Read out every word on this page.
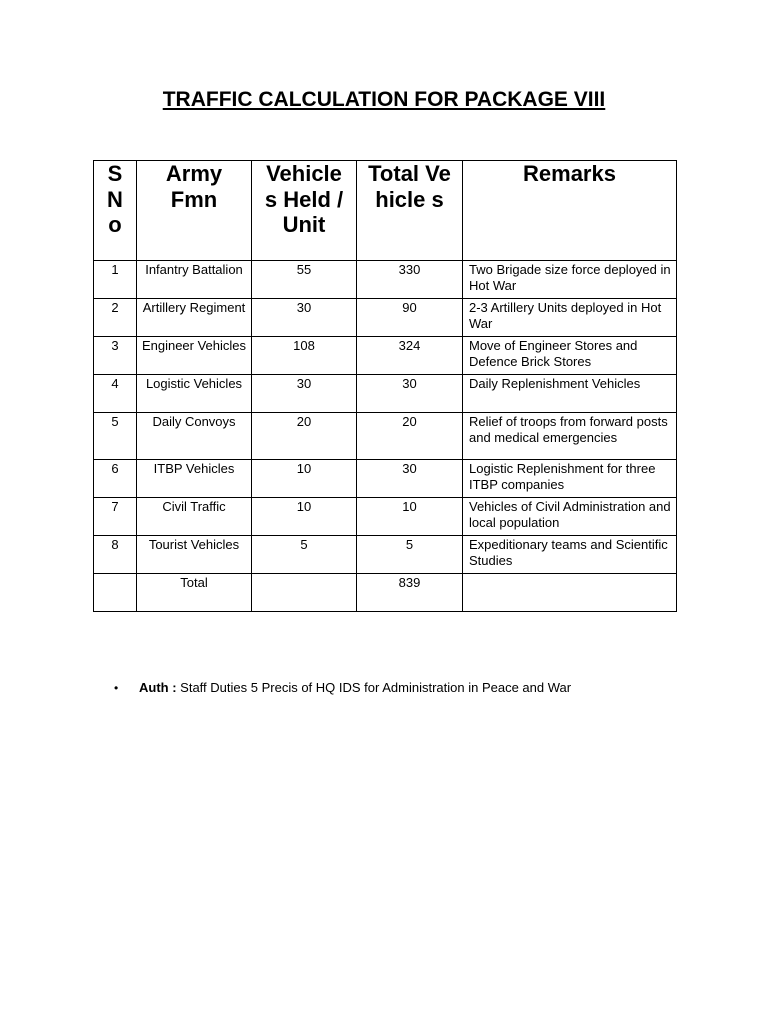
TRAFFIC CALCULATION FOR PACKAGE VIII
S N o	Army Fmn	Vehicle s Held /Unit	Total Vehicle s	Remarks

1	Infantry Battalion	55	330	Two Brigade size force deployed in Hot War
2	Artillery Regiment	30	90	2-3 Artillery Units deployed in Hot War
3	Engineer Vehicles	108	324	Move of Engineer Stores and Defence Brick Stores
4	Logistic Vehicles	30	30	Daily Replenishment Vehicles
5	Daily Convoys	20	20	Relief of troops from forward posts and medical emergencies
6	ITBP Vehicles	10	30	Logistic Replenishment for three ITBP companies
7	Civil Traffic	10	10	Vehicles of Civil Administration and local population
8	Tourist Vehicles	5	5	Expeditionary teams and Scientific Studies
	Total		839	
• Auth : Staff Duties 5 Precis of HQ IDS for Administration in Peace and War
